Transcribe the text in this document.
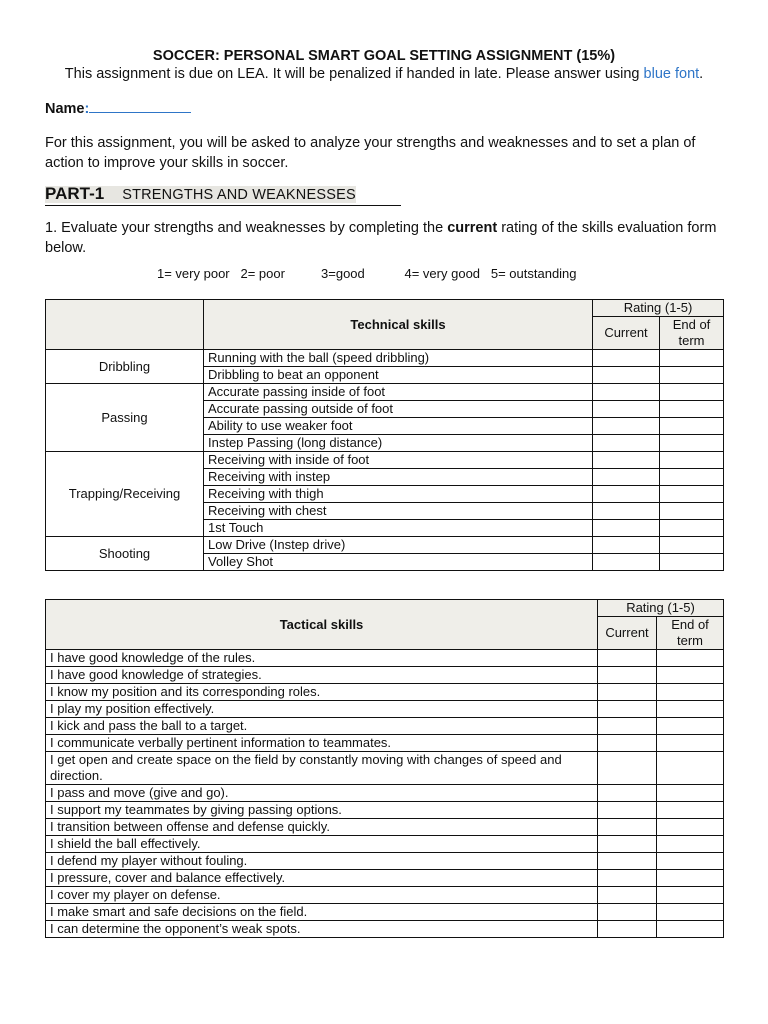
SOCCER: PERSONAL SMART GOAL SETTING ASSIGNMENT (15%)
This assignment is due on LEA. It will be penalized if handed in late. Please answer using blue font.
Name:
For this assignment, you will be asked to analyze your strengths and weaknesses and to set a plan of action to improve your skills in soccer.
PART-1 STRENGTHS AND WEAKNESSES
1. Evaluate your strengths and weaknesses by completing the current rating of the skills evaluation form below.
1= very poor   2= poor          3=good           4= very good   5= outstanding
	Technical skills	Rating (1-5)	
		Current	End of term
Dribbling	Running with the ball (speed dribbling)		
	Dribbling to beat an opponent		
Passing	Accurate passing inside of foot		
	Accurate passing outside of foot		
	Ability to use weaker foot		
	Instep Passing (long distance)		
Trapping/Receiving	Receiving with inside of foot		
	Receiving with instep		
	Receiving with thigh		
	Receiving with chest		
	1st Touch		
Shooting	Low Drive (Instep drive)		
	Volley Shot		
Tactical skills	Rating (1-5)	
	Current	End of term
I have good knowledge of the rules.		
I have good knowledge of strategies.		
I know my position and its corresponding roles.		
I play my position effectively.		
I kick and pass the ball to a target.		
I communicate verbally pertinent information to teammates.		
I get open and create space on the field by constantly moving with changes of speed and direction.		
I pass and move (give and go).		
I support my teammates by giving passing options.		
I transition between offense and defense quickly.		
I shield the ball effectively.		
I defend my player without fouling.		
I pressure, cover and balance effectively.		
I cover my player on defense.		
I make smart and safe decisions on the field.		
I can determine the opponent’s weak spots.		
